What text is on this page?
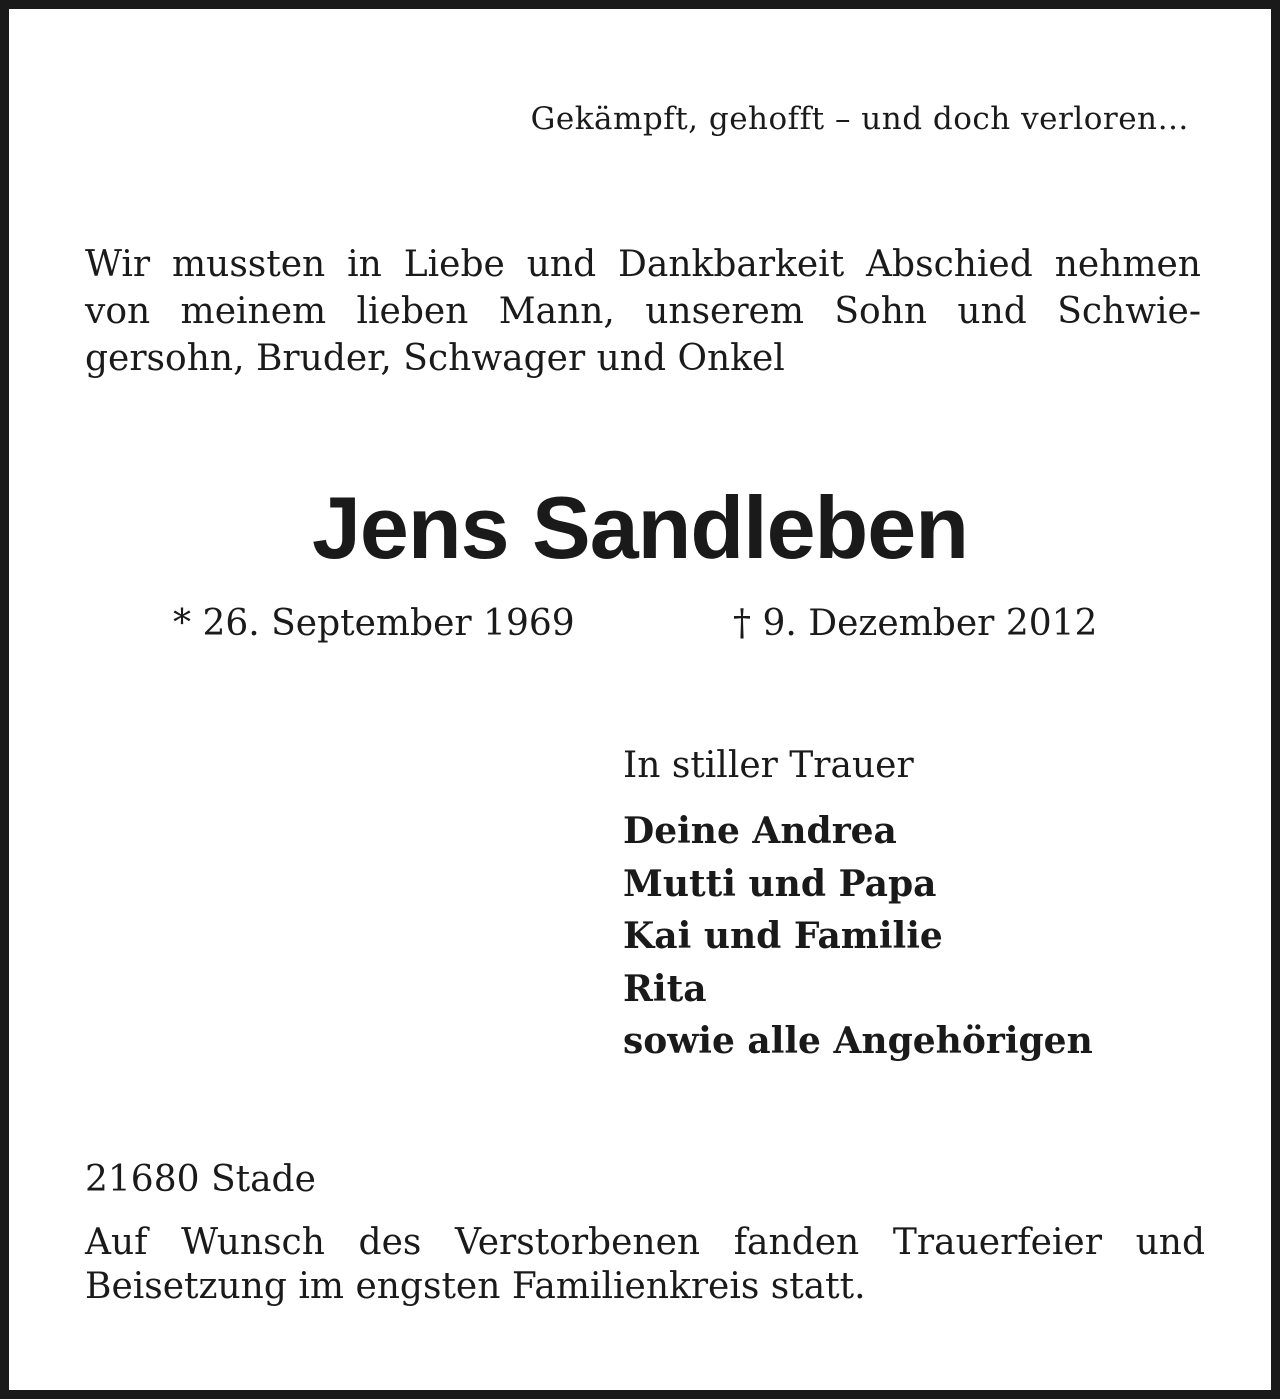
Gekämpft, gehofft – und doch verloren…
Wir mussten in Liebe und Dankbarkeit Abschied nehmen
von meinem lieben Mann, unserem Sohn und Schwie-
gersohn, Bruder, Schwager und Onkel
Jens Sandleben
* 26. September 1969	† 9. Dezember 2012
In stiller Trauer
Deine Andrea
Mutti und Papa
Kai und Familie
Rita
sowie alle Angehörigen
21680 Stade
Auf Wunsch des Verstorbenen fanden Trauerfeier und
Beisetzung im engsten Familienkreis statt.
